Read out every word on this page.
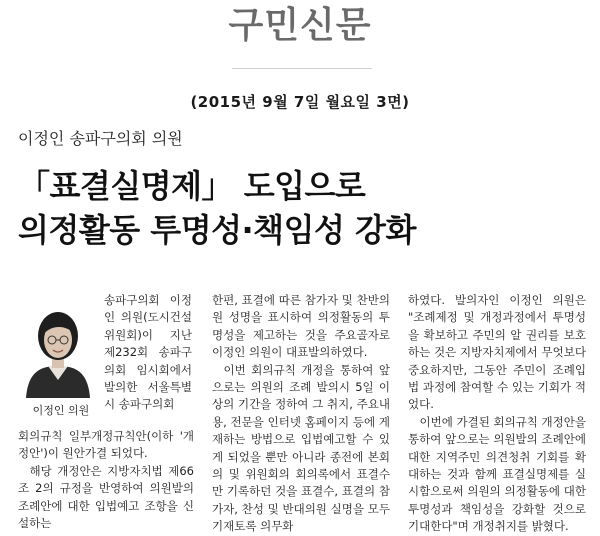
구민신문
(2015년 9월 7일 월요일 3면)
이정인 송파구의회 의원
「표결실명제」 도입으로
의정활동 투명성·책임성 강화
이정인 의원

송파구의회 이정인 의원(도시건설위원회)이 지난 제232회 송파구의회 임시회에서 발의한 서울특별시 송파구의회

회의규칙 일부개정규칙안(이하 '개정안')이 원안가결 되었다.

해당 개정안은 지방자치법 제66조 2의 규정을 반영하여 의원발의 조례안에 대한 입법예고 조항을 신설하는

한편, 표결에 따른 참가자 및 찬반의원 성명을 표시하여 의정활동의 투명성을 제고하는 것을 주요골자로 이정인 의원이 대표발의하였다.

이번 회의규칙 개정을 통하여 앞으로는 의원의 조례 발의시 5일 이상의 기간을 정하여 그 취지, 주요내용, 전문을 인터넷 홈페이지 등에 게재하는 방법으로 입법예고할 수 있게 되었을 뿐만 아니라 종전에 본회의 및 위원회의 회의록에서 표결수만 기록하던 것을 표결수, 표결의 참가자, 찬성 및 반대의원 실명을 모두 기재토록 의무화

하였다. 발의자인 이정인 의원은 "조례제정 및 개정과정에서 투명성을 확보하고 주민의 알 권리를 보호하는 것은 지방자치제에서 무엇보다 중요하지만, 그동안 주민이 조례입법 과정에 참여할 수 있는 기회가 적었다.

이번에 가결된 회의규칙 개정안을 통하여 앞으로는 의원발의 조례안에 대한 지역주민 의견청취 기회를 확대하는 것과 함께 표결실명제를 실시함으로써 의원의 의정활동에 대한 투명성과 책임성을 강화할 것으로 기대한다"며 개정취지를 밝혔다.
